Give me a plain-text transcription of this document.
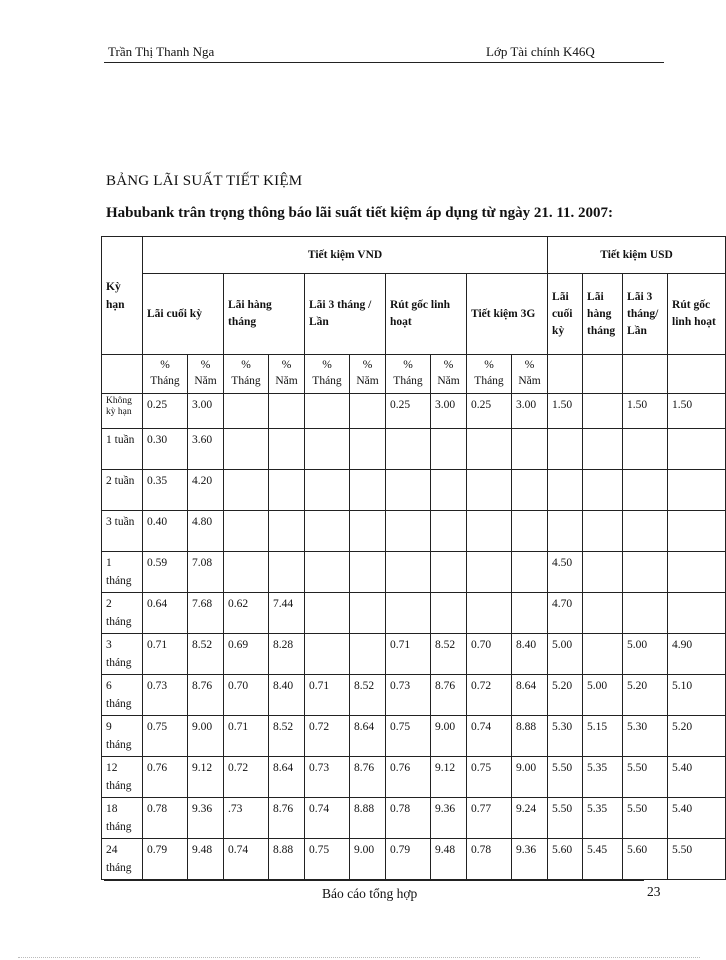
Trần Thị Thanh Nga	Lớp Tài chính K46Q
BẢNG LÃI SUẤT TIẾT KIỆM
Habubank trân trọng thông báo lãi suất tiết kiệm áp dụng từ ngày 21. 11. 2007:
Kỳ hạn	Tiết kiệm VND										Tiết kiệm USD			
	Lãi cuối kỳ		Lãi hàng tháng		Lãi 3 tháng / Lần		Rút gốc linh hoạt		Tiết kiệm 3G		Lãi cuối kỳ	Lãi hàng tháng	Lãi 3 tháng/ Lần	Rút gốc linh hoạt
	% Tháng	% Năm	% Tháng	% Năm	% Tháng	% Năm	% Tháng	% Năm	% Tháng	% Năm				
Không kỳ hạn	0.25	3.00					0.25	3.00	0.25	3.00	1.50		1.50	1.50
1 tuần	0.30	3.60												
2 tuần	0.35	4.20												
3 tuần	0.40	4.80												
1 tháng	0.59	7.08									4.50			
2 tháng	0.64	7.68	0.62	7.44							4.70			
3 tháng	0.71	8.52	0.69	8.28			0.71	8.52	0.70	8.40	5.00		5.00	4.90
6 tháng	0.73	8.76	0.70	8.40	0.71	8.52	0.73	8.76	0.72	8.64	5.20	5.00	5.20	5.10
9 tháng	0.75	9.00	0.71	8.52	0.72	8.64	0.75	9.00	0.74	8.88	5.30	5.15	5.30	5.20
12 tháng	0.76	9.12	0.72	8.64	0.73	8.76	0.76	9.12	0.75	9.00	5.50	5.35	5.50	5.40
18 tháng	0.78	9.36	.73	8.76	0.74	8.88	0.78	9.36	0.77	9.24	5.50	5.35	5.50	5.40
24 tháng	0.79	9.48	0.74	8.88	0.75	9.00	0.79	9.48	0.78	9.36	5.60	5.45	5.60	5.50
Báo cáo tổng hợp	23
